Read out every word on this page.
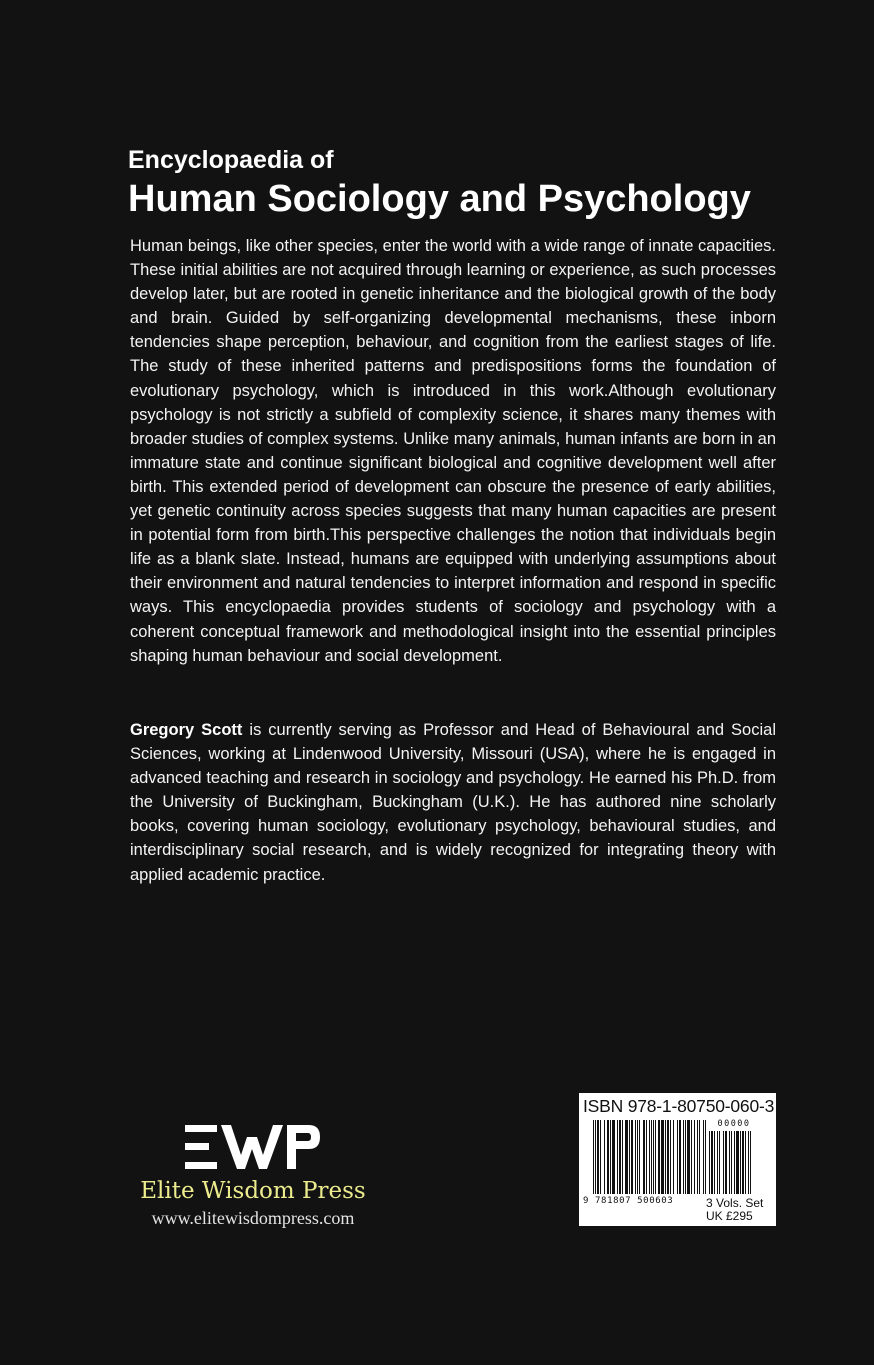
Encyclopaedia of
Human Sociology and Psychology

Human beings, like other species, enter the world with a wide range of innate capacities. These initial abilities are not acquired through learning or experience, as such processes develop later, but are rooted in genetic inheritance and the biological growth of the body and brain. Guided by self-organizing developmental mechanisms, these inborn tendencies shape perception, behaviour, and cognition from the earliest stages of life. The study of these inherited patterns and predispositions forms the foundation of evolutionary psychology, which is introduced in this work.Although evolutionary psychology is not strictly a subfield of complexity science, it shares many themes with broader studies of complex systems. Unlike many animals, human infants are born in an immature state and continue significant biological and cognitive development well after birth. This extended period of development can obscure the presence of early abilities, yet genetic continuity across species suggests that many human capacities are present in potential form from birth.This perspective challenges the notion that individuals begin life as a blank slate. Instead, humans are equipped with underlying assumptions about their environment and natural tendencies to interpret information and respond in specific ways. This encyclopaedia provides students of sociology and psychology with a coherent conceptual framework and methodological insight into the essential principles shaping human behaviour and social development.

Gregory Scott is currently serving as Professor and Head of Behavioural and Social Sciences, working at Lindenwood University, Missouri (USA), where he is engaged in advanced teaching and research in sociology and psychology. He earned his Ph.D. from the University of Buckingham, Buckingham (U.K.). He has authored nine scholarly books, covering human sociology, evolutionary psychology, behavioural studies, and interdisciplinary social research, and is widely recognized for integrating theory with applied academic practice.

Elite Wisdom Press
www.elitewisdompress.com
ISBN 978-1-80750-060-3
00000
9 781807 500603	3 Vols. Set
UK £295
